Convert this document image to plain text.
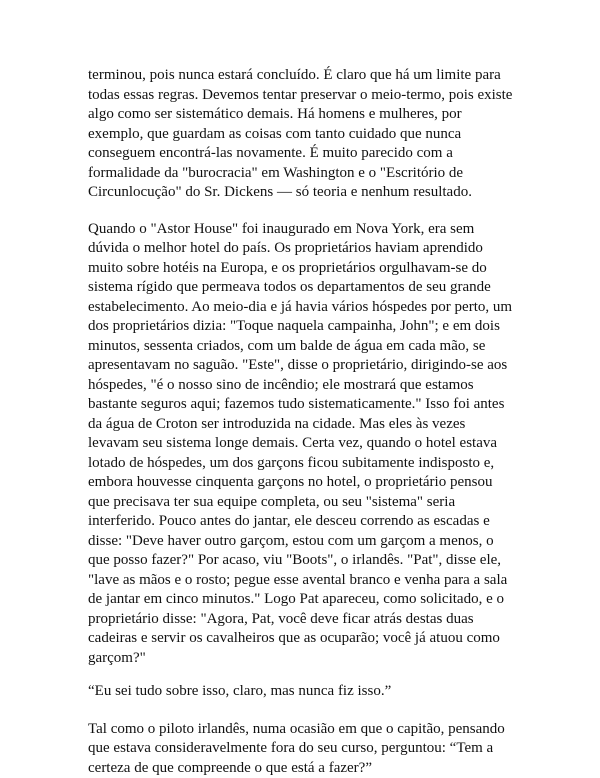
terminou, pois nunca estará concluído. É claro que há um limite para
todas essas regras. Devemos tentar preservar o meio-termo, pois existe
algo como ser sistemático demais. Há homens e mulheres, por
exemplo, que guardam as coisas com tanto cuidado que nunca
conseguem encontrá-las novamente. É muito parecido com a
formalidade da "burocracia" em Washington e o "Escritório de
Circunlocução" do Sr. Dickens — só teoria e nenhum resultado.
Quando o "Astor House" foi inaugurado em Nova York, era sem
dúvida o melhor hotel do país. Os proprietários haviam aprendido
muito sobre hotéis na Europa, e os proprietários orgulhavam-se do
sistema rígido que permeava todos os departamentos de seu grande
estabelecimento. Ao meio-dia e já havia vários hóspedes por perto, um
dos proprietários dizia: "Toque naquela campainha, John"; e em dois
minutos, sessenta criados, com um balde de água em cada mão, se
apresentavam no saguão. "Este", disse o proprietário, dirigindo-se aos
hóspedes, "é o nosso sino de incêndio; ele mostrará que estamos
bastante seguros aqui; fazemos tudo sistematicamente." Isso foi antes
da água de Croton ser introduzida na cidade. Mas eles às vezes
levavam seu sistema longe demais. Certa vez, quando o hotel estava
lotado de hóspedes, um dos garçons ficou subitamente indisposto e,
embora houvesse cinquenta garçons no hotel, o proprietário pensou
que precisava ter sua equipe completa, ou seu "sistema" seria
interferido. Pouco antes do jantar, ele desceu correndo as escadas e
disse: "Deve haver outro garçom, estou com um garçom a menos, o
que posso fazer?" Por acaso, viu "Boots", o irlandês. "Pat", disse ele,
"lave as mãos e o rosto; pegue esse avental branco e venha para a sala
de jantar em cinco minutos." Logo Pat apareceu, como solicitado, e o
proprietário disse: "Agora, Pat, você deve ficar atrás destas duas
cadeiras e servir os cavalheiros que as ocuparão; você já atuou como
garçom?"
“Eu sei tudo sobre isso, claro, mas nunca fiz isso.”
Tal como o piloto irlandês, numa ocasião em que o capitão, pensando
que estava consideravelmente fora do seu curso, perguntou: “Tem a
certeza de que compreende o que está a fazer?”
